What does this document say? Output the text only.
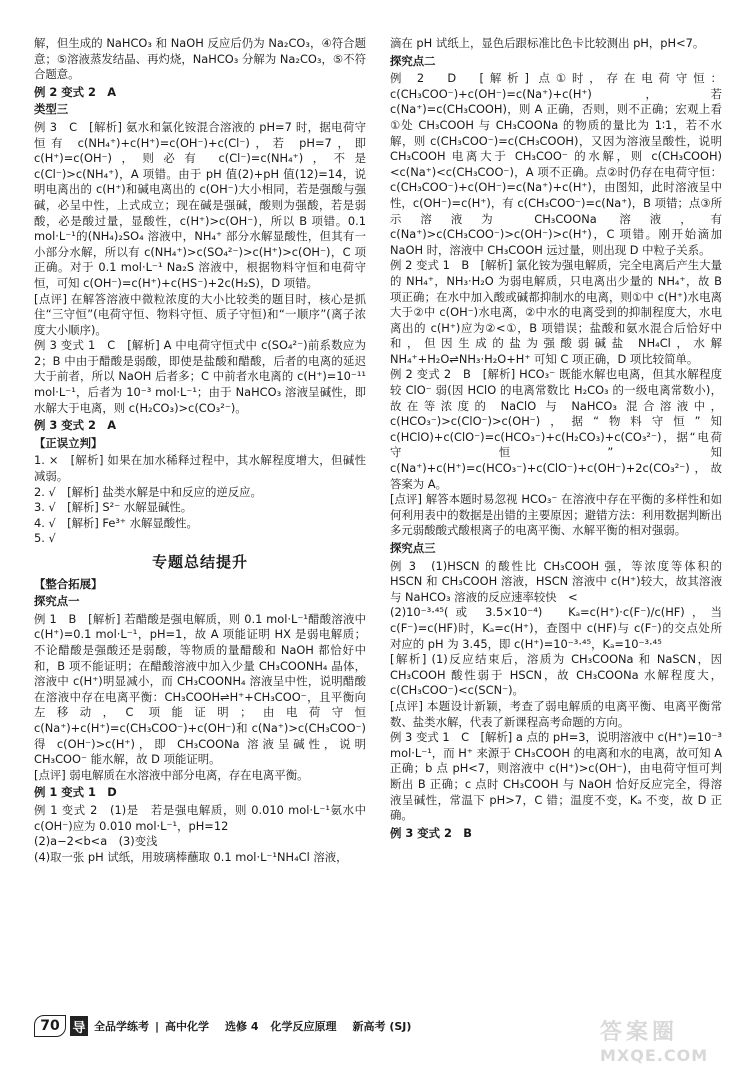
解，但生成的 NaHCO₃ 和 NaOH 反应后仍为 Na₂CO₃，④符合题意；⑤溶液蒸发结晶、再灼烧，NaHCO₃ 分解为 Na₂CO₃，⑤不符合题意。

例 2 变式 2　A
类型三

例 3　C　[解析] 氨水和氯化铵混合溶液的 pH=7 时，据电荷守恒有 c(NH₄⁺)+c(H⁺)=c(OH⁻)+c(Cl⁻)，若 pH=7，即 c(H⁺)=c(OH⁻)，则必有 c(Cl⁻)=c(NH₄⁺)，不是 c(Cl⁻)>c(NH₄⁺)，A 项错。由于 pH 值(2)+pH 值(12)=14，说明电离出的 c(H⁺)和碱电离出的 c(OH⁻)大小相同，若是强酸与强碱，必呈中性，上式成立；现在碱是强碱，酸则为强酸，若是弱酸，必是酸过量，显酸性，c(H⁺)>c(OH⁻)，所以 B 项错。0.1 mol·L⁻¹的(NH₄)₂SO₄ 溶液中，NH₄⁺ 部分水解显酸性，但其有一小部分水解，所以有 c(NH₄⁺)>c(SO₄²⁻)>c(H⁺)>c(OH⁻)，C 项正确。对于 0.1 mol·L⁻¹ Na₂S 溶液中，根据物料守恒和电荷守恒，可知 c(OH⁻)=c(H⁺)+c(HS⁻)+2c(H₂S)，D 项错。

[点评] 在解答溶液中微粒浓度的大小比较类的题目时，核心是抓住“三守恒”(电荷守恒、物料守恒、质子守恒)和“一顺序”(离子浓度大小顺序)。

例 3 变式 1　C　[解析] A 中电荷守恒式中 c(SO₄²⁻)前系数应为 2；B 中由于醋酸是弱酸，即使是盐酸和醋酸，后者的电离的延迟大于前者，所以 NaOH 后者多；C 中前者水电离的 c(H⁺)=10⁻¹¹ mol·L⁻¹，后者为 10⁻³ mol·L⁻¹；由于 NaHCO₃ 溶液呈碱性，即水解大于电离，则 c(H₂CO₃)>c(CO₃²⁻)。

例 3 变式 2　A
【正误立判】

1. ×　[解析] 如果在加水稀释过程中，其水解程度增大，但碱性减弱。

2. √　[解析] 盐类水解是中和反应的逆反应。

3. √　[解析] S²⁻ 水解显碱性。

4. √　[解析] Fe³⁺ 水解显酸性。

5. √

专题总结提升
【整合拓展】
探究点一

例 1　B　[解析] 若醋酸是强电解质，则 0.1 mol·L⁻¹醋酸溶液中 c(H⁺)=0.1 mol·L⁻¹，pH=1，故 A 项能证明 HX 是弱电解质；不论醋酸是强酸还是弱酸，等物质的量醋酸和 NaOH 都恰好中和，B 项不能证明；在醋酸溶液中加入少量 CH₃COONH₄ 晶体，溶液中 c(H⁺)明显减小，而 CH₃COONH₄ 溶液呈中性，说明醋酸在溶液中存在电离平衡：CH₃COOH⇌H⁺+CH₃COO⁻，且平衡向左移动，C 项能证明；由电荷守恒 c(Na⁺)+c(H⁺)=c(CH₃COO⁻)+c(OH⁻)和 c(Na⁺)>c(CH₃COO⁻)得 c(OH⁻)>c(H⁺)，即 CH₃COONa 溶液呈碱性，说明 CH₃COO⁻ 能水解，故 D 项能证明。

[点评] 弱电解质在水溶液中部分电离，存在电离平衡。

例 1 变式 1　D

例 1 变式 2　(1)是　若是强电解质，则 0.010 mol·L⁻¹氨水中 c(OH⁻)应为 0.010 mol·L⁻¹，pH=12

(2)a−2<b<a　(3)变浅

(4)取一张 pH 试纸，用玻璃棒蘸取 0.1 mol·L⁻¹NH₄Cl 溶液，

滴在 pH 试纸上，显色后跟标准比色卡比较测出 pH，pH<7。

探究点二

例 2　D　[解析] 点①时，存在电荷守恒：c(CH₃COO⁻)+c(OH⁻)=c(Na⁺)+c(H⁺)，若 c(Na⁺)=c(CH₃COOH)，则 A 正确，否则，则不正确；宏观上看①处 CH₃COOH 与 CH₃COONa 的物质的量比为 1∶1，若不水解，则 c(CH₃COO⁻)=c(CH₃COOH)，又因为溶液呈酸性，说明 CH₃COOH 电离大于 CH₃COO⁻ 的水解，则 c(CH₃COOH)<c(Na⁺)<c(CH₃COO⁻)，A 项不正确。点②时仍存在电荷守恒：c(CH₃COO⁻)+c(OH⁻)=c(Na⁺)+c(H⁺)，由图知，此时溶液呈中性，c(OH⁻)=c(H⁺)，有 c(CH₃COO⁻)=c(Na⁺)，B 项错；点③所示溶液为 CH₃COONa 溶液，有 c(Na⁺)>c(CH₃COO⁻)>c(OH⁻)>c(H⁺)，C 项错。刚开始滴加 NaOH 时，溶液中 CH₃COOH 远过量，则出现 D 中粒子关系。

例 2 变式 1　B　[解析] 氯化铵为强电解质，完全电离后产生大量的 NH₄⁺，NH₃·H₂O 为弱电解质，只电离出少量的 NH₄⁺，故 B 项正确；在水中加入酸或碱都抑制水的电离，则①中 c(H⁺)水电离大于②中 c(OH⁻)水电离，②中水的电离受到的抑制程度大，水电离出的 c(H⁺)应为②<①，B 项错误；盐酸和氨水混合后恰好中和，但因生成的盐为强酸弱碱盐 NH₄Cl，水解 NH₄⁺+H₂O⇌NH₃·H₂O+H⁺ 可知 C 项正确，D 项比较简单。

例 2 变式 2　B　[解析] HCO₃⁻ 既能水解也电离，但其水解程度较 ClO⁻ 弱(因 HClO 的电离常数比 H₂CO₃ 的一级电离常数小)，故在等浓度的 NaClO 与 NaHCO₃ 混合溶液中，c(HCO₃⁻)>c(ClO⁻)>c(OH⁻)，据“物料守恒”知 c(HClO)+c(ClO⁻)=c(HCO₃⁻)+c(H₂CO₃)+c(CO₃²⁻)，据“电荷守恒”知 c(Na⁺)+c(H⁺)=c(HCO₃⁻)+c(ClO⁻)+c(OH⁻)+2c(CO₃²⁻)，故答案为 A。

[点评] 解答本题时易忽视 HCO₃⁻ 在溶液中存在平衡的多样性和如何利用表中的数据是出错的主要原因；避错方法：利用数据判断出多元弱酸酸式酸根离子的电离平衡、水解平衡的相对强弱。

探究点三

例 3　(1)HSCN 的酸性比 CH₃COOH 强，等浓度等体积的 HSCN 和 CH₃COOH 溶液，HSCN 溶液中 c(H⁺)较大，故其溶液与 NaHCO₃ 溶液的反应速率较快　<

(2)10⁻³·⁴⁵(或 3.5×10⁻⁴)　Kₐ=c(H⁺)·c(F⁻)/c(HF)，当 c(F⁻)=c(HF)时，Kₐ=c(H⁺)，查图中 c(HF)与 c(F⁻)的交点处所对应的 pH 为 3.45，即 c(H⁺)=10⁻³·⁴⁵，Kₐ=10⁻³·⁴⁵

[解析] (1)反应结束后，溶质为 CH₃COONa 和 NaSCN，因 CH₃COOH 酸性弱于 HSCN，故 CH₃COONa 水解程度大，c(CH₃COO⁻)<c(SCN⁻)。

[点评] 本题设计新颖，考查了弱电解质的电离平衡、电离平衡常数、盐类水解，代表了新课程高考命题的方向。

例 3 变式 1　C　[解析] a 点的 pH=3，说明溶液中 c(H⁺)=10⁻³ mol·L⁻¹，而 H⁺ 来源于 CH₃COOH 的电离和水的电离，故可知 A 正确；b 点 pH<7，则溶液中 c(H⁺)>c(OH⁻)，由电荷守恒可判断出 B 正确；c 点时 CH₃COOH 与 NaOH 恰好反应完全，得溶液呈碱性，常温下 pH>7，C 错；温度不变，Kₐ 不变，故 D 正确。

例 3 变式 2　B
70 导 全品学练考 | 高中化学 选修 4 化学反应原理 新高考 (SJ)	答案圈
MXQE.COM
